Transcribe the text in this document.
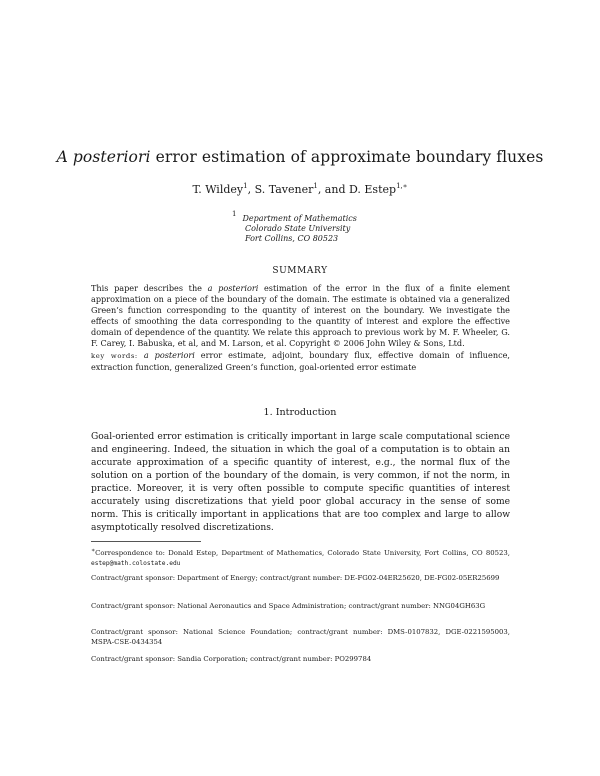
A posteriori error estimation of approximate boundary fluxes
T. Wildey$^1$, S. Tavener$^1$, and D. Estep$^{1,∗}$
$^1$ Department of Mathematics
Colorado State University
Fort Collins, CO 80523
SUMMARY
This paper describes the a posteriori estimation of the error in the flux of a finite element approximation on a piece of the boundary of the domain. The estimate is obtained via a generalized Green’s function corresponding to the quantity of interest on the boundary. We investigate the effects of smoothing the data corresponding to the quantity of interest and explore the effective domain of dependence of the quantity. We relate this approach to previous work by M. F. Wheeler, G. F. Carey, I. Babuska, et al, and M. Larson, et al. Copyright © 2006 John Wiley & Sons, Ltd.
key words: a posteriori error estimate, adjoint, boundary flux, effective domain of influence, extraction function, generalized Green’s function, goal-oriented error estimate
1. Introduction
Goal-oriented error estimation is critically important in large scale computational science and engineering. Indeed, the situation in which the goal of a computation is to obtain an accurate approximation of a specific quantity of interest, e.g., the normal flux of the solution on a portion of the boundary of the domain, is very common, if not the norm, in practice. Moreover, it is very often possible to compute specific quantities of interest accurately using discretizations that yield poor global accuracy in the sense of some norm. This is critically important in applications that are too complex and large to allow asymptotically resolved discretizations.
∗Correspondence to: Donald Estep, Department of Mathematics, Colorado State University, Fort Collins, CO 80523, estep@math.colostate.edu
Contract/grant sponsor: Department of Energy; contract/grant number: DE-FG02-04ER25620, DE-FG02-05ER25699
Contract/grant sponsor: National Aeronautics and Space Administration; contract/grant number: NNG04GH63G
Contract/grant sponsor: National Science Foundation; contract/grant number: DMS-0107832, DGE-0221595003, MSPA-CSE-0434354
Contract/grant sponsor: Sandia Corporation; contract/grant number: PO299784
